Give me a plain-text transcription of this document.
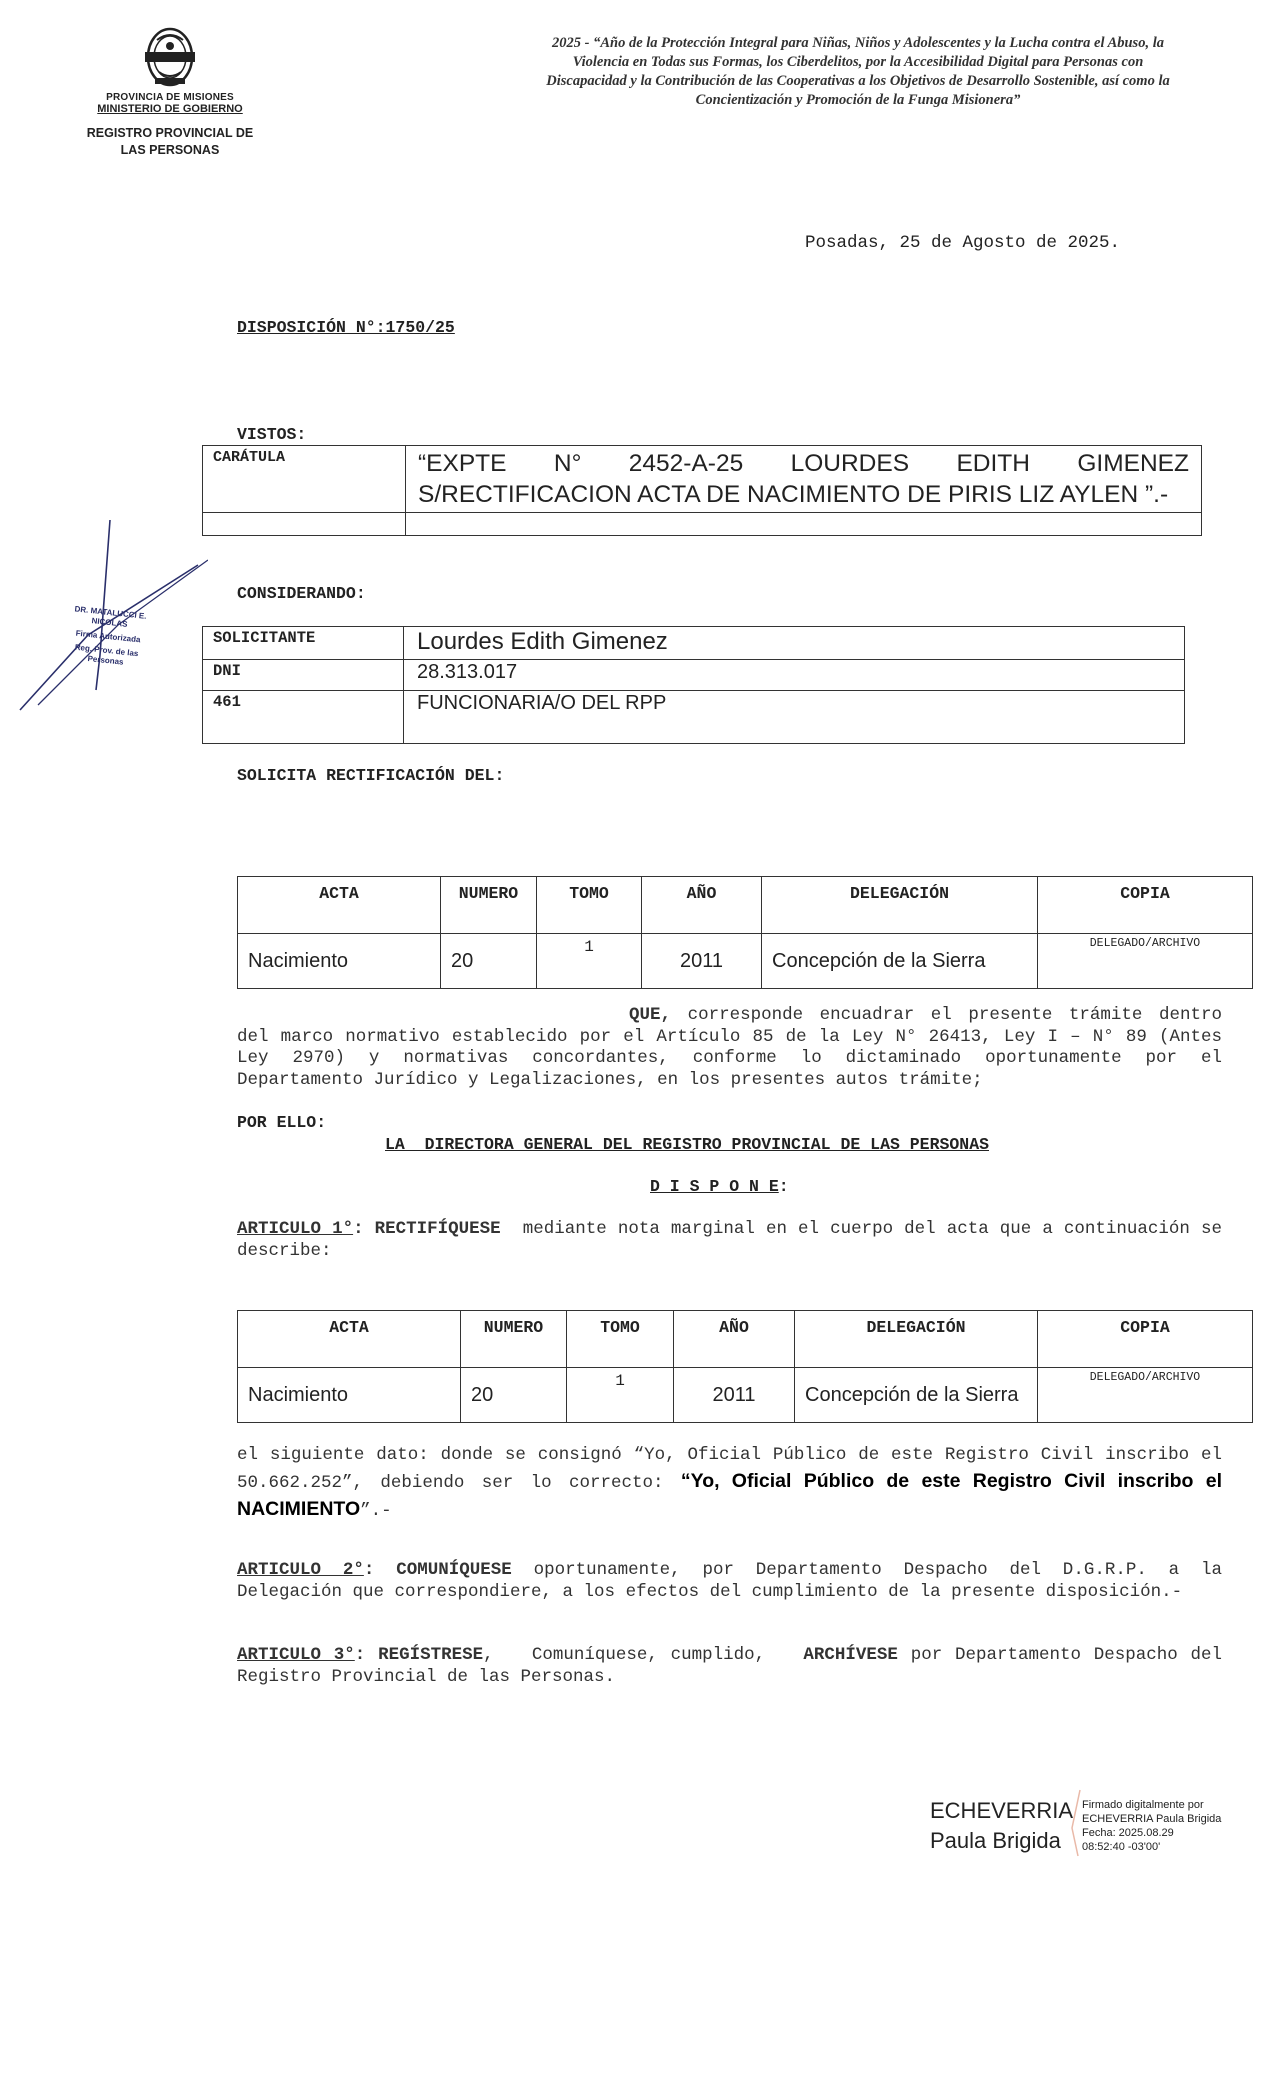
PROVINCIA DE MISIONES
MINISTERIO DE GOBIERNO
REGISTRO PROVINCIAL DE
LAS PERSONAS
2025 - “Año de la Protección Integral para Niñas, Niños y Adolescentes y la Lucha contra el Abuso, la Violencia en Todas sus Formas, los Ciberdelitos, por la Accesibilidad Digital para Personas con Discapacidad y la Contribución de las Cooperativas a los Objetivos de Desarrollo Sostenible, así como la Concientización y Promoción de la Funga Misionera”
Posadas, 25 de Agosto de 2025.
DISPOSICIÓN N°:1750/25
VISTOS:
CARÁTULA	“EXPTE N° 2452-A-25 LOURDES EDITH GIMENEZ S/RECTIFICACION ACTA DE NACIMIENTO DE PIRIS LIZ AYLEN ”.-

DR. MATALUCCI E. NICOLAS
Firma Autorizada
Reg. Prov. de las Personas
CONSIDERANDO:
SOLICITANTE	Lourdes Edith Gimenez
DNI	28.313.017
461	FUNCIONARIA/O DEL RPP
SOLICITA RECTIFICACIÓN DEL:
ACTA	NUMERO	TOMO	AÑO	DELEGACIÓN	COPIA
Nacimiento	20	1	2011	Concepción de la Sierra	DELEGADO/ARCHIVO
QUE, corresponde encuadrar el presente trámite dentro del marco normativo establecido por el Artículo 85 de la Ley N° 26413, Ley I – N° 89 (Antes Ley 2970) y normativas concordantes, conforme lo dictaminado oportunamente por el Departamento Jurídico y Legalizaciones, en los presentes autos trámite;
POR ELLO:
LA  DIRECTORA GENERAL DEL REGISTRO PROVINCIAL DE LAS PERSONAS
D I S P O N E:
ARTICULO 1°: RECTIFÍQUESE mediante nota marginal en el cuerpo del acta que a continuación se describe:
ACTA	NUMERO	TOMO	AÑO	DELEGACIÓN	COPIA
Nacimiento	20	1	2011	Concepción de la Sierra	DELEGADO/ARCHIVO
el siguiente dato: donde se consignó “Yo, Oficial Público de este Registro Civil inscribo el 50.662.252”, debiendo ser lo correcto: “Yo, Oficial Público de este Registro Civil inscribo el NACIMIENTO”.-
ARTICULO 2°: COMUNÍQUESE oportunamente, por Departamento Despacho del D.G.R.P. a la Delegación que correspondiere, a los efectos del cumplimiento de la presente disposición.-
ARTICULO 3°: REGÍSTRESE,   Comuníquese, cumplido, ARCHÍVESE por Departamento Despacho del Registro Provincial de las Personas.
ECHEVERRIA
Paula Brigida
Firmado digitalmente por
ECHEVERRIA Paula Brigida
Fecha: 2025.08.29
08:52:40 -03'00'
